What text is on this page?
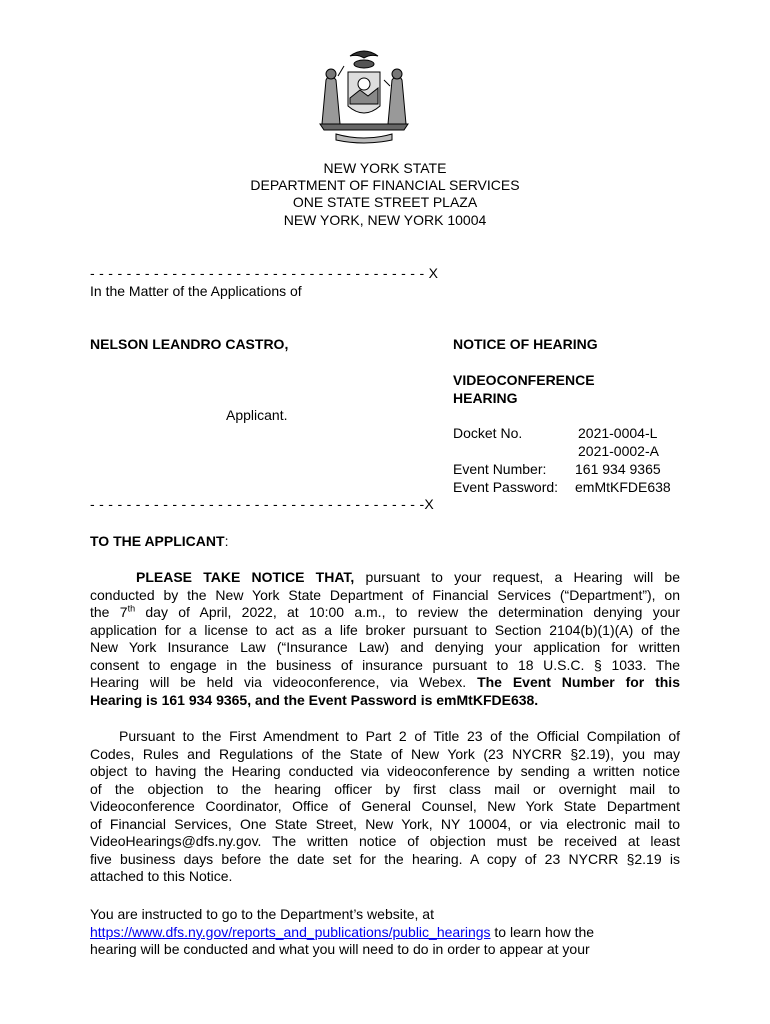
NEW YORK STATE
DEPARTMENT OF FINANCIAL SERVICES
ONE STATE STREET PLAZA
NEW YORK, NEW YORK 10004
- - - - - - - - - - - - - - - - - - - - - - - - - - - - - - - - - - - - - X
In the Matter of the Applications of
NELSON LEANDRO CASTRO,
Applicant.
- - - - - - - - - - - - - - - - - - - - - - - - - - - - - - - - - - - - -X
NOTICE OF HEARING
VIDEOCONFERENCE
HEARING
Docket No.	2021-0004-L
2021-0002-A
Event Number: 161 934 9365
Event Password: emMtKFDE638
TO THE APPLICANT:
PLEASE TAKE NOTICE THAT, pursuant to your request, a Hearing will be
conducted by the New York State Department of Financial Services (“Department”), on
the 7th day of April, 2022, at 10:00 a.m., to review the determination denying your
application for a license to act as a life broker pursuant to Section 2104(b)(1)(A) of the
New York Insurance Law (“Insurance Law) and denying your application for written
consent to engage in the business of insurance pursuant to 18 U.S.C. § 1033. The
Hearing will be held via videoconference, via Webex. The Event Number for this
Hearing is 161 934 9365, and the Event Password is emMtKFDE638.
Pursuant to the First Amendment to Part 2 of Title 23 of the Official Compilation of
Codes, Rules and Regulations of the State of New York (23 NYCRR §2.19), you may
object to having the Hearing conducted via videoconference by sending a written notice
of the objection to the hearing officer by first class mail or overnight mail to
Videoconference Coordinator, Office of General Counsel, New York State Department
of Financial Services, One State Street, New York, NY 10004, or via electronic mail to
VideoHearings@dfs.ny.gov. The written notice of objection must be received at least
five business days before the date set for the hearing. A copy of 23 NYCRR §2.19 is
attached to this Notice.
You are instructed to go to the Department’s website, at
https://www.dfs.ny.gov/reports_and_publications/public_hearings to learn how the
hearing will be conducted and what you will need to do in order to appear at your
